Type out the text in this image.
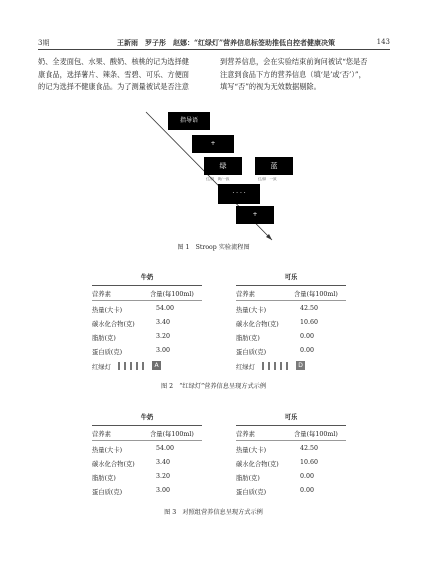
3期	王新雨　罗子彤　赵娜：“红绿灯”营养信息标签助推低自控者健康决策	143
奶、全麦面包、水果、酸奶、核桃的记为选择健
康食品，选择薯片、辣条、雪碧、可乐、方便面
的记为选择不健康食品。为了测量被试是否注意
到营养信息，会在实验结束前询问被试“您是否
注意到食品下方的营养信息（填‘是’或‘否’）”，
填写“否”的视为无效数据剔除。
指导语
+
绿	蓝
红/绿　黄/一致	红/绿　一致
· · · ·
+
图 1　Stroop 实验流程图
牛奶
营养素	含量(每100ml)
热量(大卡)	54.00
碳水化合物(克)	3.40
脂肪(克)	3.20
蛋白质(克)	3.00
红绿灯	A
可乐
营养素	含量(每100ml)
热量(大卡)	42.50
碳水化合物(克)	10.60
脂肪(克)	0.00
蛋白质(克)	0.00
红绿灯	D
图 2　“红绿灯”营养信息呈现方式示例
牛奶
营养素	含量(每100ml)
热量(大卡)	54.00
碳水化合物(克)	3.40
脂肪(克)	3.20
蛋白质(克)	3.00
可乐
营养素	含量(每100ml)
热量(大卡)	42.50
碳水化合物(克)	10.60
脂肪(克)	0.00
蛋白质(克)	0.00
图 3　对照组营养信息呈现方式示例
